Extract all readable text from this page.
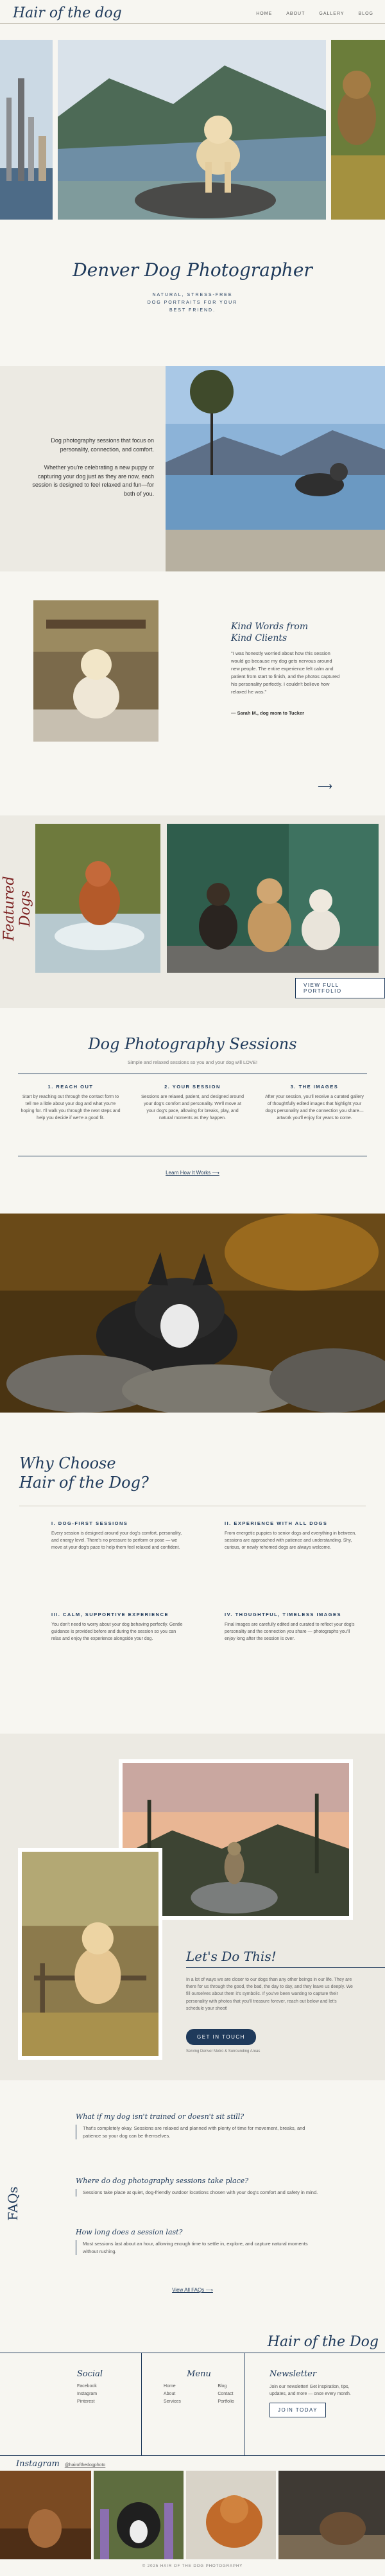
Hair of the dog	HOME	ABOUT	GALLERY	BLOG
Denver Dog Photographer
NATURAL, STRESS-FREE DOG PORTRAITS FOR YOUR BEST FRIEND.
Dog photography sessions that focus on personality, connection, and comfort.
Whether you're celebrating a new puppy or capturing your dog just as they are now, each session is designed to feel relaxed and fun—for both of you.
Kind Words from Kind Clients
"I was honestly worried about how this session would go because my dog gets nervous around new people. The entire experience felt calm and patient from start to finish, and the photos captured his personality perfectly. I couldn't believe how relaxed he was."
— Sarah M., dog mom to Tucker
⟶
Featured Dogs
VIEW FULL PORTFOLIO
Dog Photography Sessions
Simple and relaxed sessions so you and your dog will LOVE!
1. REACH OUT

Start by reaching out through the contact form to tell me a little about your dog and what you're hoping for. I'll walk you through the next steps and help you decide if we're a good fit.

2. YOUR SESSION

Sessions are relaxed, patient, and designed around your dog's comfort and personality. We'll move at your dog's pace, allowing for breaks, play, and natural moments as they happen.

3. THE IMAGES

After your session, you'll receive a curated gallery of thoughtfully edited images that highlight your dog's personality and the connection you share—artwork you'll enjoy for years to come.

Learn How It Works ⟶
Why Choose
Hair of the Dog?
I. DOG-FIRST SESSIONS

Every session is designed around your dog's comfort, personality, and energy level. There's no pressure to perform or pose — we move at your dog's pace to help them feel relaxed and confident.

II. EXPERIENCE WITH ALL DOGS

From energetic puppies to senior dogs and everything in between, sessions are approached with patience and understanding. Shy, curious, or newly rehomed dogs are always welcome.

III. CALM, SUPPORTIVE EXPERIENCE

You don't need to worry about your dog behaving perfectly. Gentle guidance is provided before and during the session so you can relax and enjoy the experience alongside your dog.

IV. THOUGHTFUL, TIMELESS IMAGES

Final images are carefully edited and curated to reflect your dog's personality and the connection you share — photographs you'll enjoy long after the session is over.

Let's Do This!
In a lot of ways we are closer to our dogs than any other beings in our life. They are there for us through the good, the bad, the day to day, and they leave us deeply. We fill ourselves about them it's symbolic. If you've been wanting to capture their personality with photos that you'll treasure forever, reach out below and let's schedule your shoot!
GET IN TOUCH
Serving Denver Metro & Surrounding Areas
FAQs
What if my dog isn't trained or doesn't sit still?
That's completely okay. Sessions are relaxed and planned with plenty of time for movement, breaks, and patience so your dog can be themselves.
Where do dog photography sessions take place?
Sessions take place at quiet, dog-friendly outdoor locations chosen with your dog's comfort and safety in mind.
How long does a session last?
Most sessions last about an hour, allowing enough time to settle in, explore, and capture natural moments without rushing.
View All FAQs ⟶
Hair of the Dog
Social
Facebook
Instagram
Pinterest
Menu
Home
About
Services
Blog
Contact
Portfolio
Newsletter
Join our newsletter! Get inspiration, tips, updates, and more — once every month.
JOIN TODAY
Instagram @hairofthedogphoto
© 2025 HAIR OF THE DOG PHOTOGRAPHY
